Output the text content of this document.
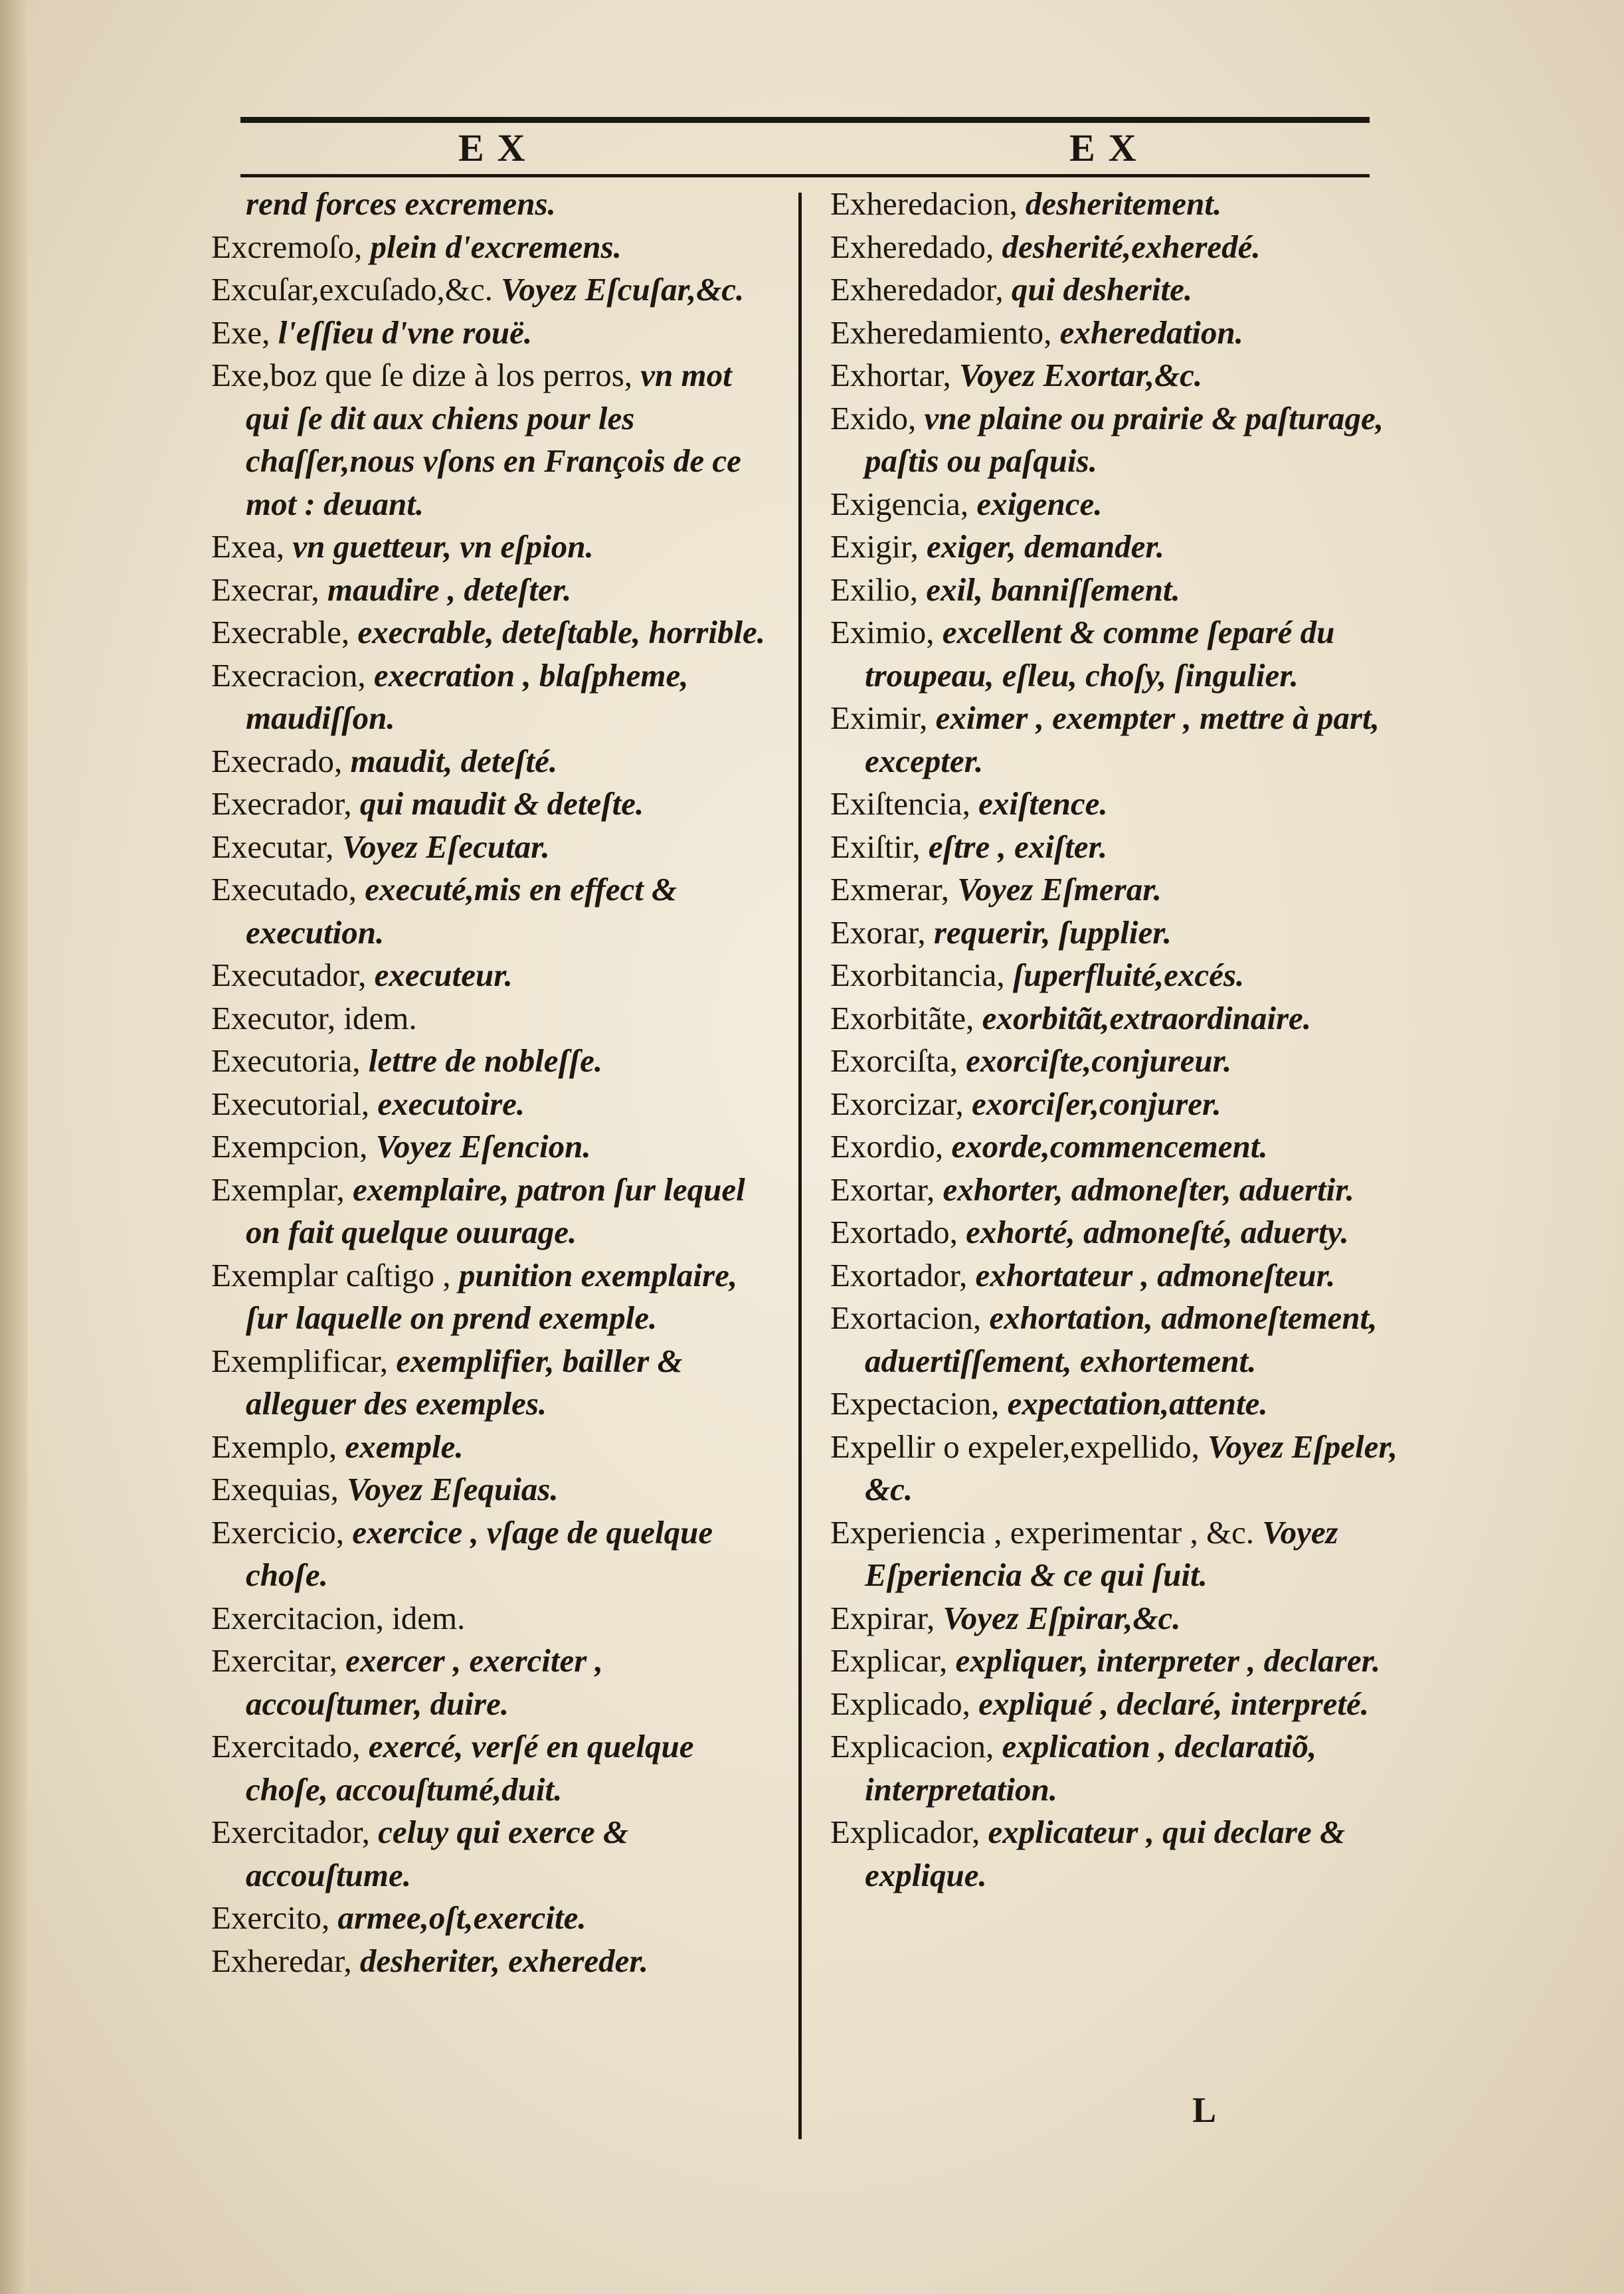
EX	EX

rend forces excremens.

Excremoſo, plein d'excremens.

Excuſar,excuſado,&c. Voyez Eſcuſar,&c.

Exe, l'eſſieu d'vne rouë.

Exe,boz que ſe dize à los perros, vn mot qui ſe dit aux chiens pour les chaſſer,nous vſons en François de ce mot : deuant.

Exea, vn guetteur, vn eſpion.

Execrar, maudire , deteſter.

Execrable, execrable, deteſtable, horrible.

Execracion, execration , blaſpheme, maudiſſon.

Execrado, maudit, deteſté.

Execrador, qui maudit & deteſte.

Executar, Voyez Eſecutar.

Executado, executé,mis en effect & execution.

Executador, executeur.

Executor, idem.

Executoria, lettre de nobleſſe.

Executorial, executoire.

Exempcion, Voyez Eſencion.

Exemplar, exemplaire, patron ſur lequel on fait quelque ouurage.

Exemplar caſtigo , punition exemplaire, ſur laquelle on prend exemple.

Exemplificar, exemplifier, bailler & alleguer des exemples.

Exemplo, exemple.

Exequias, Voyez Eſequias.

Exercicio, exercice , vſage de quelque choſe.

Exercitacion, idem.

Exercitar, exercer , exerciter , accouſtumer, duire.

Exercitado, exercé, verſé en quelque choſe, accouſtumé,duit.

Exercitador, celuy qui exerce & accouſtume.

Exercito, armee,oſt,exercite.

Exheredar, desheriter, exhereder.

Exheredacion, desheritement.

Exheredado, desherité,exheredé.

Exheredador, qui desherite.

Exheredamiento, exheredation.

Exhortar, Voyez Exortar,&c.

Exido, vne plaine ou prairie & paſturage, paſtis ou paſquis.

Exigencia, exigence.

Exigir, exiger, demander.

Exilio, exil, banniſſement.

Eximio, excellent & comme ſeparé du troupeau, eſleu, choſy, ſingulier.

Eximir, eximer , exempter , mettre à part, excepter.

Exiſtencia, exiſtence.

Exiſtir, eſtre , exiſter.

Exmerar, Voyez Eſmerar.

Exorar, requerir, ſupplier.

Exorbitancia, ſuperfluité,excés.

Exorbitãte, exorbitãt,extraordinaire.

Exorciſta, exorciſte,conjureur.

Exorcizar, exorciſer,conjurer.

Exordio, exorde,commencement.

Exortar, exhorter, admoneſter, aduertir.

Exortado, exhorté, admoneſté, aduerty.

Exortador, exhortateur , admoneſteur.

Exortacion, exhortation, admoneſtement, aduertiſſement, exhortement.

Expectacion, expectation,attente.

Expellir o expeler,expellido, Voyez Eſpeler, &c.

Experiencia , experimentar , &c. Voyez Eſperiencia & ce qui ſuit.

Expirar, Voyez Eſpirar,&c.

Explicar, expliquer, interpreter , declarer.

Explicado, expliqué , declaré, interpreté.

Explicacion, explication , declaratiõ, interpretation.

Explicador, explicateur , qui declare & explique.

L
